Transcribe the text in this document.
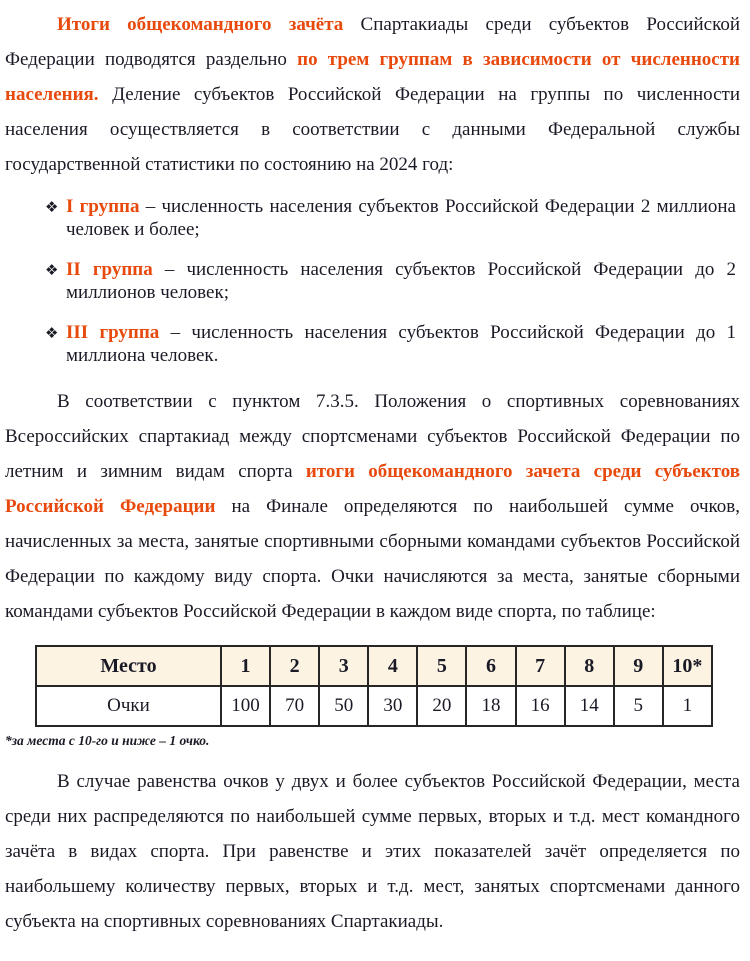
Итоги общекомандного зачёта Спартакиады среди субъектов Российской Федерации подводятся раздельно по трем группам в зависимости от численности населения. Деление субъектов Российской Федерации на группы по численности населения осуществляется в соответствии с данными Федеральной службы государственной статистики по состоянию на 2024 год:

❖ I группа – численность населения субъектов Российской Федерации 2 миллиона человек и более;
❖ II группа – численность населения субъектов Российской Федерации до 2 миллионов человек;
❖ III группа – численность населения субъектов Российской Федерации до 1 миллиона человек.

В соответствии с пунктом 7.3.5. Положения о спортивных соревнованиях Всероссийских спартакиад между спортсменами субъектов Российской Федерации по летним и зимним видам спорта итоги общекомандного зачета среди субъектов Российской Федерации на Финале определяются по наибольшей сумме очков, начисленных за места, занятые спортивными сборными командами субъектов Российской Федерации по каждому виду спорта. Очки начисляются за места, занятые сборными командами субъектов Российской Федерации в каждом виде спорта, по таблице:

Место	1	2	3	4	5	6	7	8	9	10*
Очки	100	70	50	30	20	18	16	14	5	1
*за места с 10-го и ниже – 1 очко.

В случае равенства очков у двух и более субъектов Российской Федерации, места среди них распределяются по наибольшей сумме первых, вторых и т.д. мест командного зачёта в видах спорта. При равенстве и этих показателей зачёт определяется по наибольшему количеству первых, вторых и т.д. мест, занятых спортсменами данного субъекта на спортивных соревнованиях Спартакиады.
